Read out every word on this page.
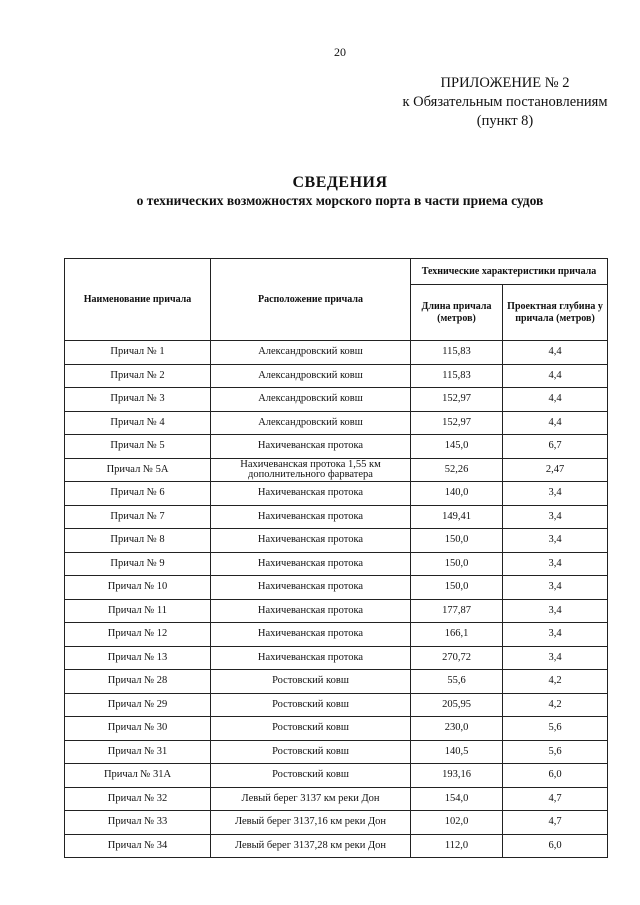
20
ПРИЛОЖЕНИЕ № 2
к Обязательным постановлениям
(пункт 8)
СВЕДЕНИЯ
о технических возможностях морского порта в части приема судов
Наименование причала	Расположение причала	Технические характеристики причала	
		Длина причала (метров)	Проектная глубина у причала (метров)
Причал № 1	Александровский ковш	115,83	4,4
Причал № 2	Александровский ковш	115,83	4,4
Причал № 3	Александровский ковш	152,97	4,4
Причал № 4	Александровский ковш	152,97	4,4
Причал № 5	Нахичеванская протока	145,0	6,7
Причал № 5А	Нахичеванская протока 1,55 км дополнительного фарватера	52,26	2,47
Причал № 6	Нахичеванская протока	140,0	3,4
Причал № 7	Нахичеванская протока	149,41	3,4
Причал № 8	Нахичеванская протока	150,0	3,4
Причал № 9	Нахичеванская протока	150,0	3,4
Причал № 10	Нахичеванская протока	150,0	3,4
Причал № 11	Нахичеванская протока	177,87	3,4
Причал № 12	Нахичеванская протока	166,1	3,4
Причал № 13	Нахичеванская протока	270,72	3,4
Причал № 28	Ростовский ковш	55,6	4,2
Причал № 29	Ростовский ковш	205,95	4,2
Причал № 30	Ростовский ковш	230,0	5,6
Причал № 31	Ростовский ковш	140,5	5,6
Причал № 31А	Ростовский ковш	193,16	6,0
Причал № 32	Левый берег 3137 км реки Дон	154,0	4,7
Причал № 33	Левый берег 3137,16 км реки Дон	102,0	4,7
Причал № 34	Левый берег 3137,28 км реки Дон	112,0	6,0
